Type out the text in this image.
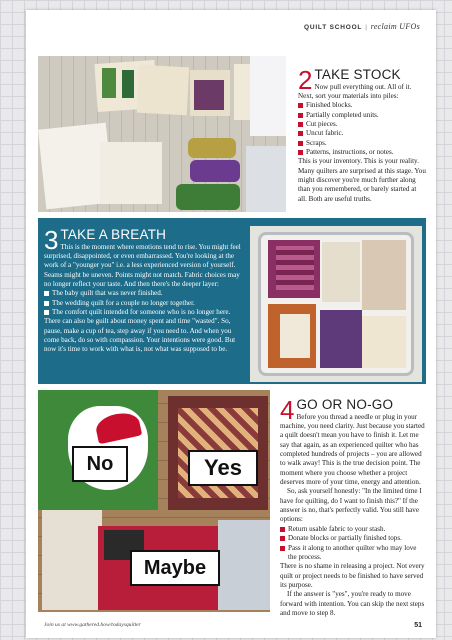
QUILT SCHOOL | reclaim UFOs
2 TAKE STOCK
Now pull everything out. All of it. Next, sort your materials into piles:
Finished blocks.
Partially completed units.
Cut pieces.
Uncut fabric.
Scraps.
Patterns, instructions, or notes.

This is your inventory. This is your reality. Many quilters are surprised at this stage. You might discover you're much further along than you remembered, or barely started at all. Both are useful truths.

3 TAKE A BREATH
This is the moment where emotions tend to rise. You might feel surprised, disappointed, or even embarrassed. You're looking at the work of a "younger you" i.e. a less experienced version of yourself. Seams might be uneven. Points might not match. Fabric choices may no longer reflect your taste. And then there's the deeper layer:
The baby quilt that was never finished.
The wedding quilt for a couple no longer together.
The comfort quilt intended for someone who is no longer here.

There can also be guilt about money spent and time "wasted". So, pause, make a cup of tea, step away if you need to. And when you come back, do so with compassion. Your intentions were good. But now it's time to work with what is, not what was supposed to be.

No	Yes
Maybe
4 GO OR NO-GO
Before you thread a needle or plug in your machine, you need clarity. Just because you started a quilt doesn't mean you have to finish it. Let me say that again, as an experienced quilter who has completed hundreds of projects – you are allowed to walk away! This is the true decision point. The moment where you choose whether a project deserves more of your time, energy and attention.

So, ask yourself honestly: "In the limited time I have for quilting, do I want to finish this?" If the answer is no, that's perfectly valid. You still have options:

Return usable fabric to your stash.
Donate blocks or partially finished tops.
Pass it along to another quilter who may love the process.

There is no shame in releasing a project. Not every quilt or project needs to be finished to have served its purpose.

If the answer is "yes", you're ready to move forward with intention. You can skip the next steps and move to step 8.

Join us at www.gathered.how/todaysquilter	51
